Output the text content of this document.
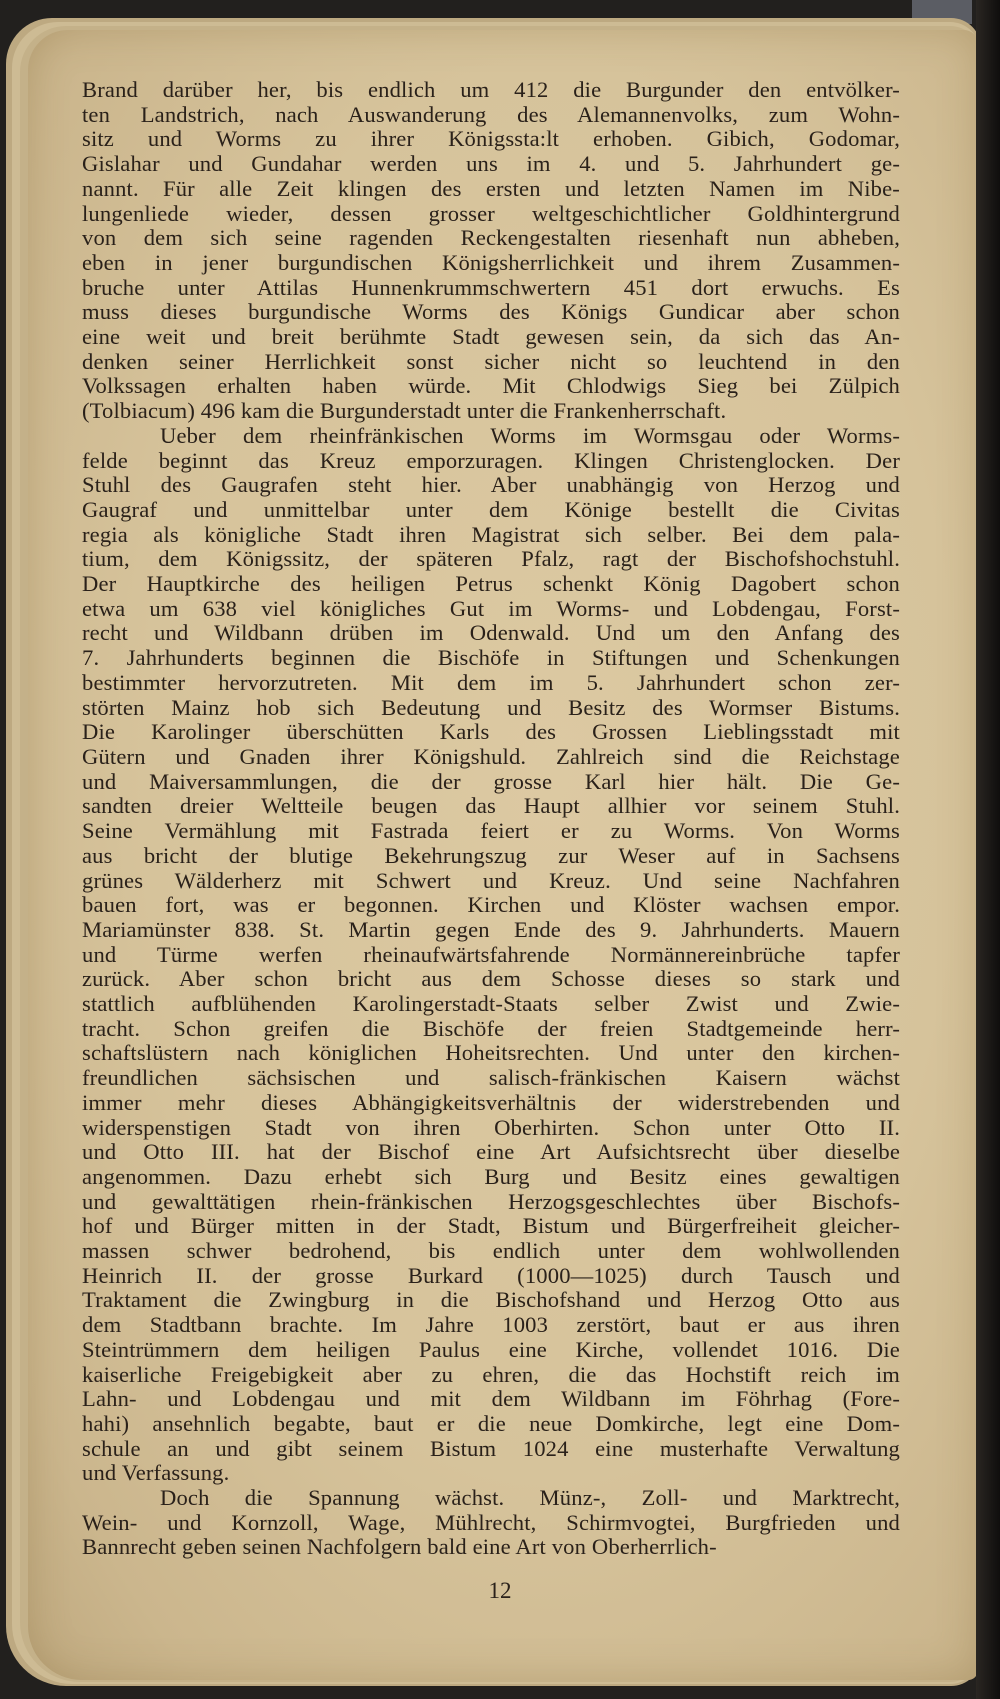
Brand darüber her, bis endlich um 412 die Burgunder den entvölker-
ten Landstrich, nach Auswanderung des Alemannenvolks, zum Wohn-
sitz und Worms zu ihrer Königssta:lt erhoben. Gibich, Godomar,
Gislahar und Gundahar werden uns im 4. und 5. Jahrhundert ge-
nannt. Für alle Zeit klingen des ersten und letzten Namen im Nibe-
lungenliede wieder, dessen grosser weltgeschichtlicher Goldhintergrund
von dem sich seine ragenden Reckengestalten riesenhaft nun abheben,
eben in jener burgundischen Königsherrlichkeit und ihrem Zusammen-
bruche unter Attilas Hunnenkrummschwertern 451 dort erwuchs. Es
muss dieses burgundische Worms des Königs Gundicar aber schon
eine weit und breit berühmte Stadt gewesen sein, da sich das An-
denken seiner Herrlichkeit sonst sicher nicht so leuchtend in den
Volkssagen erhalten haben würde. Mit Chlodwigs Sieg bei Zülpich
(Tolbiacum) 496 kam die Burgunderstadt unter die Frankenherrschaft.

Ueber dem rheinfränkischen Worms im Wormsgau oder Worms-
felde beginnt das Kreuz emporzuragen. Klingen Christenglocken. Der
Stuhl des Gaugrafen steht hier. Aber unabhängig von Herzog und
Gaugraf und unmittelbar unter dem Könige bestellt die Civitas
regia als königliche Stadt ihren Magistrat sich selber. Bei dem pala-
tium, dem Königssitz, der späteren Pfalz, ragt der Bischofshochstuhl.
Der Hauptkirche des heiligen Petrus schenkt König Dagobert schon
etwa um 638 viel königliches Gut im Worms- und Lobdengau, Forst-
recht und Wildbann drüben im Odenwald. Und um den Anfang des
7. Jahrhunderts beginnen die Bischöfe in Stiftungen und Schenkungen
bestimmter hervorzutreten. Mit dem im 5. Jahrhundert schon zer-
störten Mainz hob sich Bedeutung und Besitz des Wormser Bistums.
Die Karolinger überschütten Karls des Grossen Lieblingsstadt mit
Gütern und Gnaden ihrer Königshuld. Zahlreich sind die Reichstage
und Maiversammlungen, die der grosse Karl hier hält. Die Ge-
sandten dreier Weltteile beugen das Haupt allhier vor seinem Stuhl.
Seine Vermählung mit Fastrada feiert er zu Worms. Von Worms
aus bricht der blutige Bekehrungszug zur Weser auf in Sachsens
grünes Wälderherz mit Schwert und Kreuz. Und seine Nachfahren
bauen fort, was er begonnen. Kirchen und Klöster wachsen empor.
Mariamünster 838. St. Martin gegen Ende des 9. Jahrhunderts. Mauern
und Türme werfen rheinaufwärtsfahrende Normännereinbrüche tapfer
zurück. Aber schon bricht aus dem Schosse dieses so stark und
stattlich aufblühenden Karolingerstadt-Staats selber Zwist und Zwie-
tracht. Schon greifen die Bischöfe der freien Stadtgemeinde herr-
schaftslüstern nach königlichen Hoheitsrechten. Und unter den kirchen-
freundlichen sächsischen und salisch-fränkischen Kaisern wächst
immer mehr dieses Abhängigkeitsverhältnis der widerstrebenden und
widerspenstigen Stadt von ihren Oberhirten. Schon unter Otto II.
und Otto III. hat der Bischof eine Art Aufsichtsrecht über dieselbe
angenommen. Dazu erhebt sich Burg und Besitz eines gewaltigen
und gewalttätigen rhein-fränkischen Herzogsgeschlechtes über Bischofs-
hof und Bürger mitten in der Stadt, Bistum und Bürgerfreiheit gleicher-
massen schwer bedrohend, bis endlich unter dem wohlwollenden
Heinrich II. der grosse Burkard (1000—1025) durch Tausch und
Traktament die Zwingburg in die Bischofshand und Herzog Otto aus
dem Stadtbann brachte. Im Jahre 1003 zerstört, baut er aus ihren
Steintrümmern dem heiligen Paulus eine Kirche, vollendet 1016. Die
kaiserliche Freigebigkeit aber zu ehren, die das Hochstift reich im
Lahn- und Lobdengau und mit dem Wildbann im Föhrhag (Fore-
hahi) ansehnlich begabte, baut er die neue Domkirche, legt eine Dom-
schule an und gibt seinem Bistum 1024 eine musterhafte Verwaltung
und Verfassung.

Doch die Spannung wächst. Münz-, Zoll- und Marktrecht,
Wein- und Kornzoll, Wage, Mühlrecht, Schirmvogtei, Burgfrieden und
Bannrecht geben seinen Nachfolgern bald eine Art von Oberherrlich-

12
